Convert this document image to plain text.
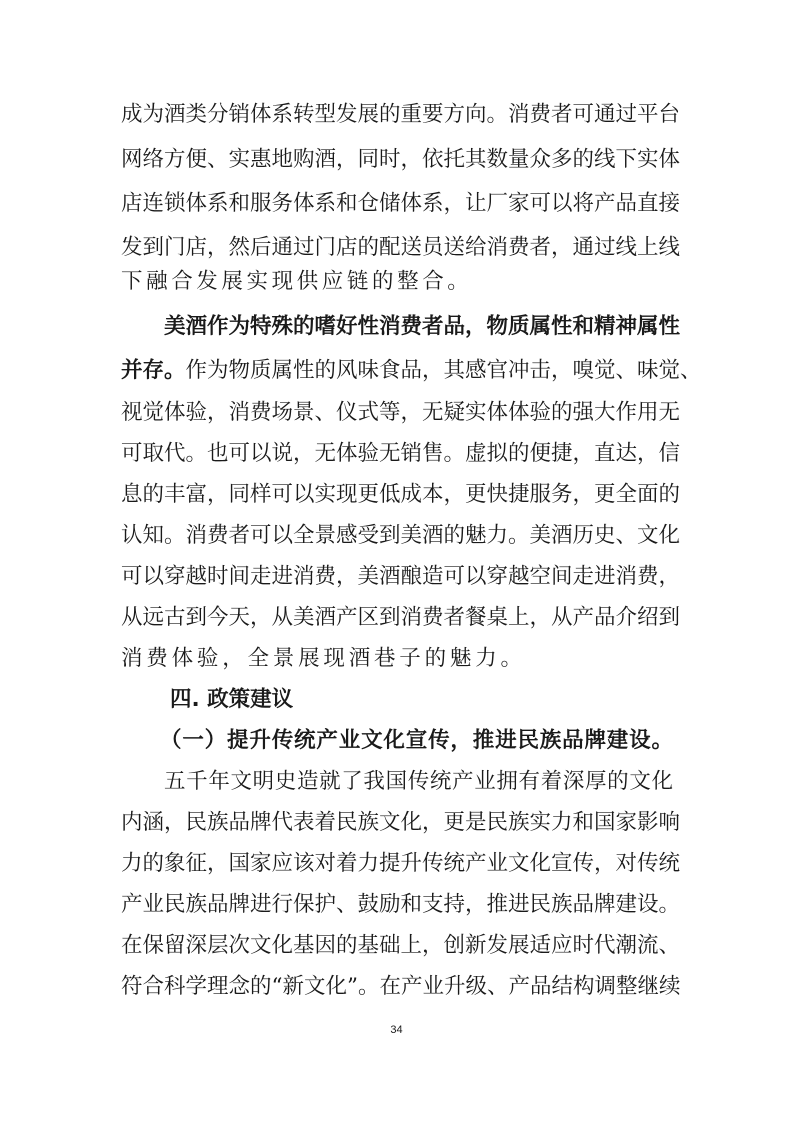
成为酒类分销体系转型发展的重要方向。消费者可通过平台
网络方便、实惠地购酒，同时，依托其数量众多的线下实体
店连锁体系和服务体系和仓储体系，让厂家可以将产品直接
发到门店，然后通过门店的配送员送给消费者，通过线上线
下融合发展实现供应链的整合。
美酒作为特殊的嗜好性消费者品，物质属性和精神属性
并存。作为物质属性的风味食品，其感官冲击，嗅觉、味觉、
视觉体验，消费场景、仪式等，无疑实体体验的强大作用无
可取代。也可以说，无体验无销售。虚拟的便捷，直达，信
息的丰富，同样可以实现更低成本，更快捷服务，更全面的
认知。消费者可以全景感受到美酒的魅力。美酒历史、文化
可以穿越时间走进消费，美酒酿造可以穿越空间走进消费，
从远古到今天，从美酒产区到消费者餐桌上，从产品介绍到
消费体验，全景展现酒巷子的魅力。
四. 政策建议
（一）提升传统产业文化宣传，推进民族品牌建设。
五千年文明史造就了我国传统产业拥有着深厚的文化
内涵，民族品牌代表着民族文化，更是民族实力和国家影响
力的象征，国家应该对着力提升传统产业文化宣传，对传统
产业民族品牌进行保护、鼓励和支持，推进民族品牌建设。
在保留深层次文化基因的基础上，创新发展适应时代潮流、
符合科学理念的“新文化”。在产业升级、产品结构调整继续
34
